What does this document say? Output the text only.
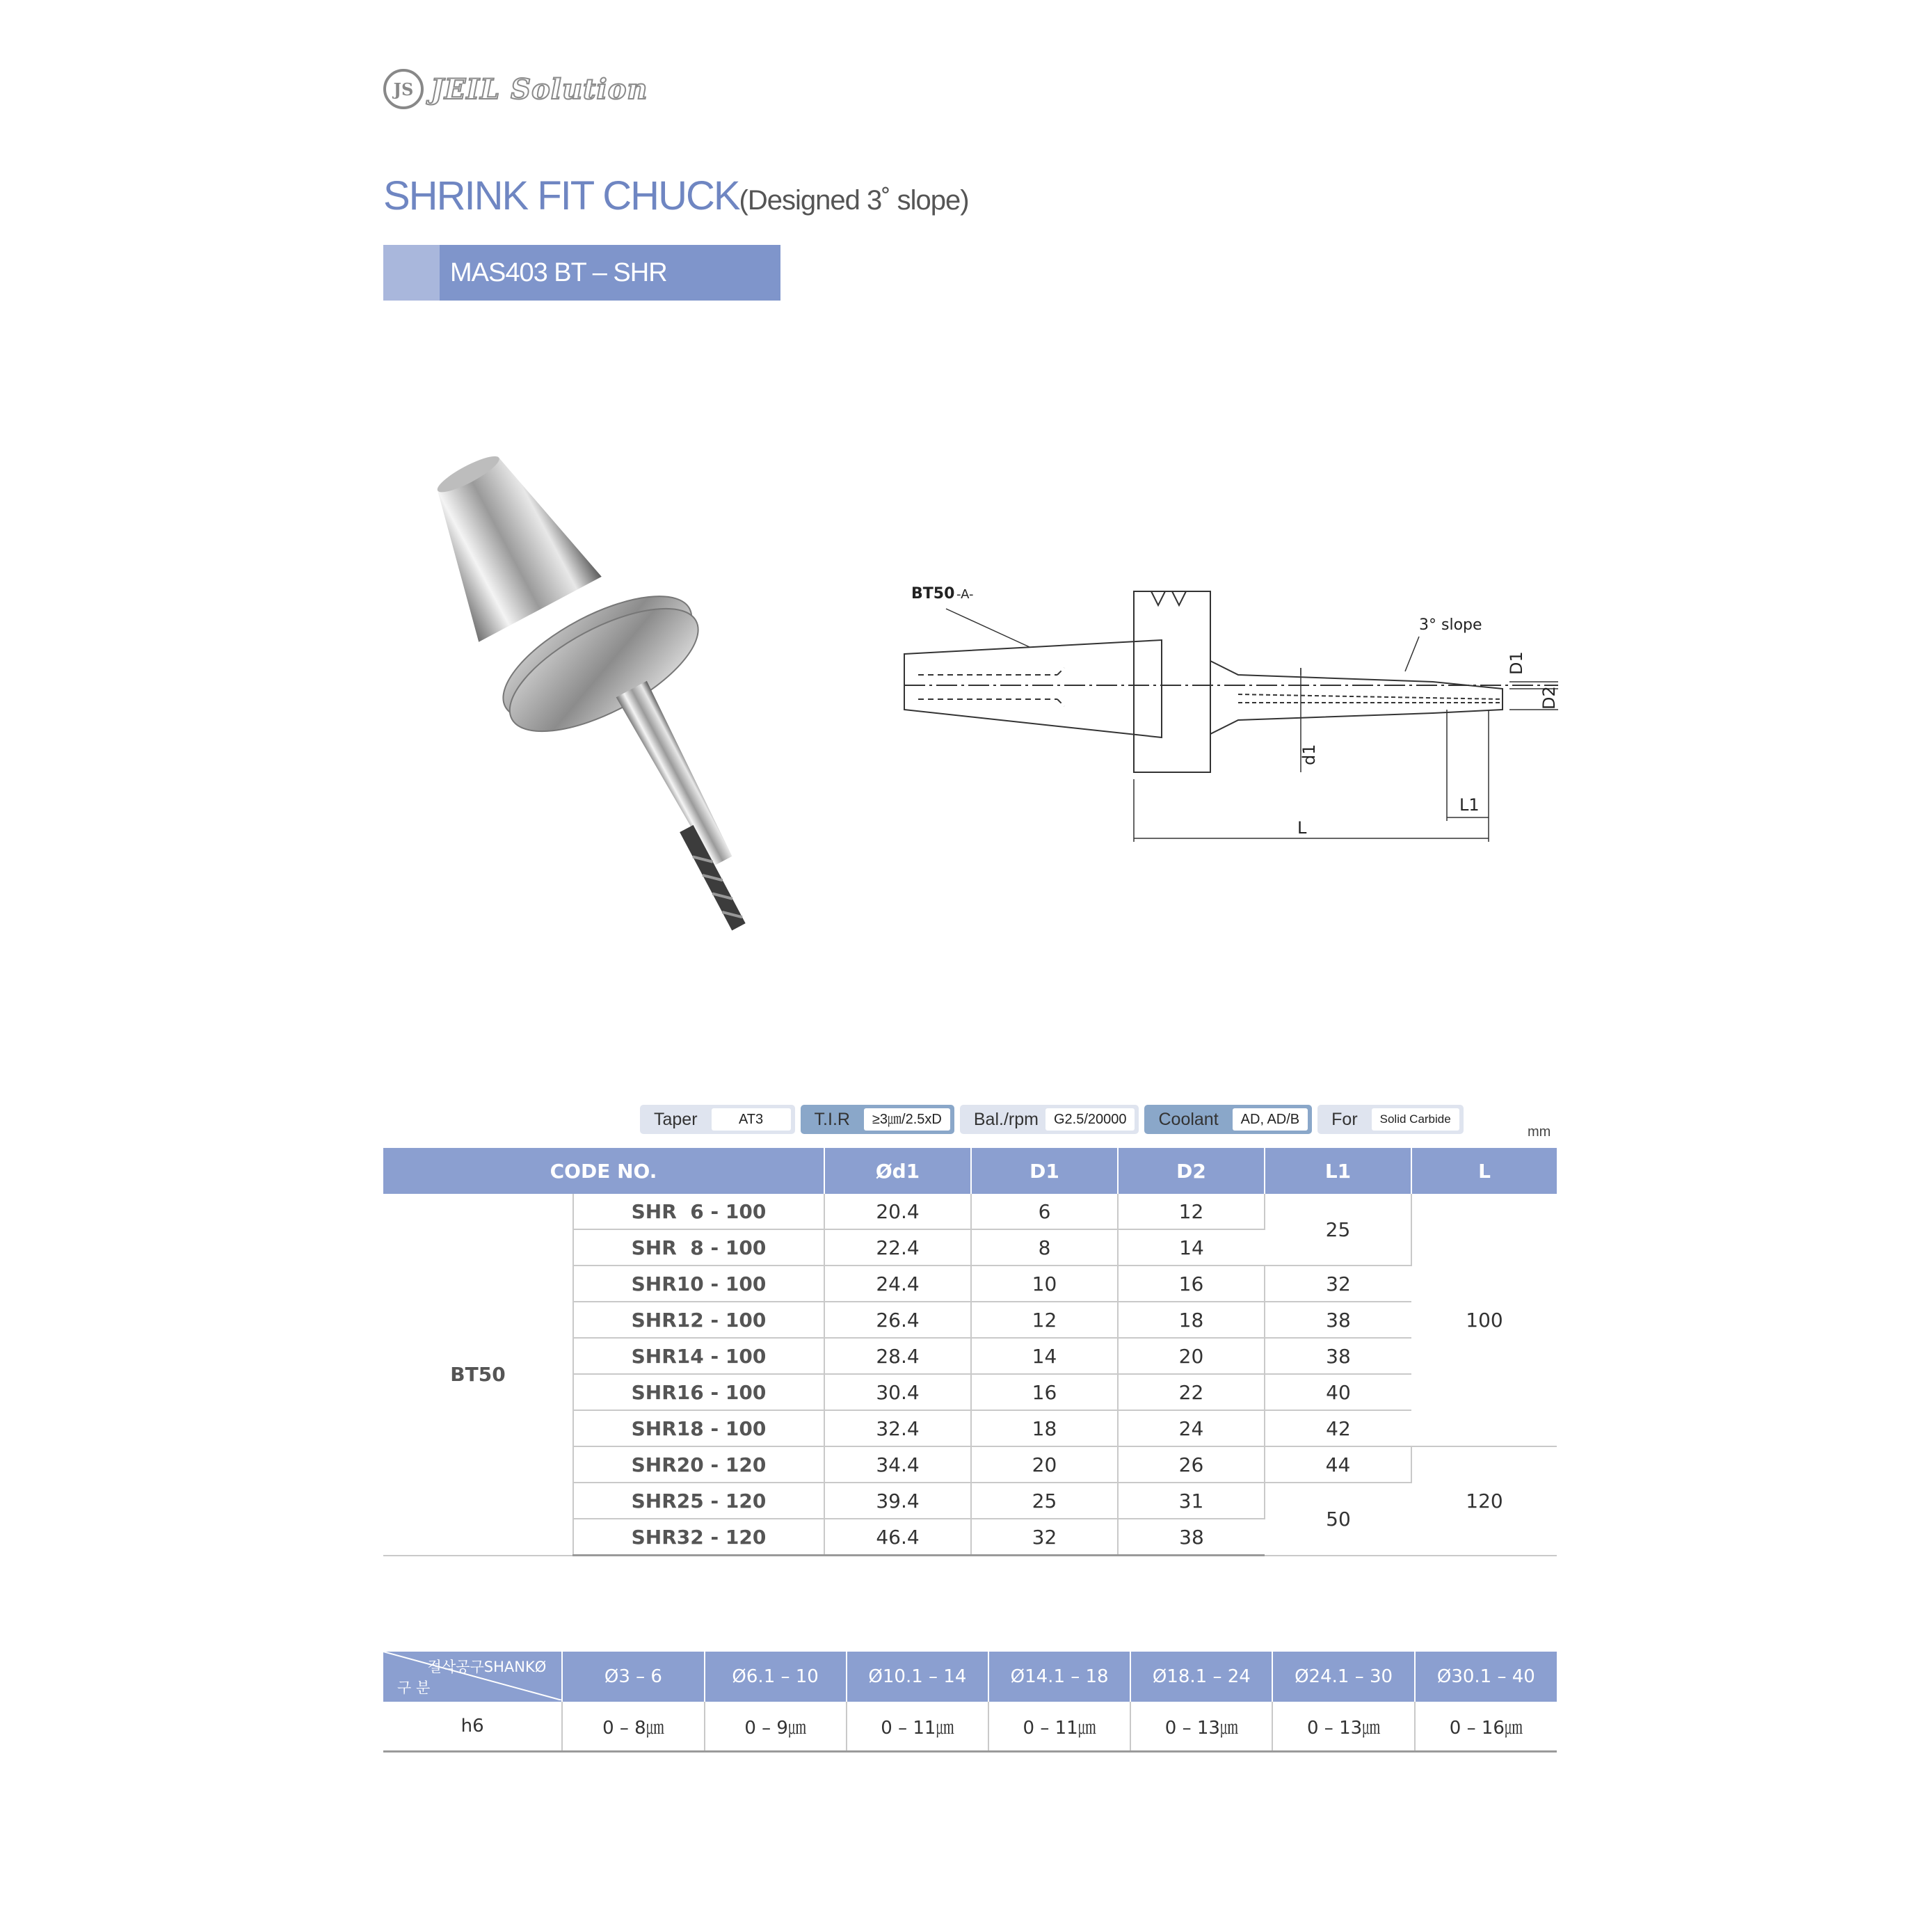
JS JEIL Solution
SHRINK FIT CHUCK(Designed 3˚ slope)
MAS403 BT – SHR
BT50 -A-
3° slope
D1
D2
d1
L1
L
Taper	AT3	T.I.R	≥3㎛/2.5xD	Bal./rpm	G2.5/20000	Coolant	AD, AD/B	For	Solid Carbide
mm
CODE NO.		Ød1	D1	D2	L1	L
BT50	SHR  6 - 100	20.4	6	12	25	100
	SHR  8 - 100	22.4	8	14		
	SHR10 - 100	24.4	10	16	32	
	SHR12 - 100	26.4	12	18	38	
	SHR14 - 100	28.4	14	20	38	
	SHR16 - 100	30.4	16	22	40	
	SHR18 - 100	32.4	18	24	42	
	SHR20 - 120	34.4	20	26	44	120
	SHR25 - 120	39.4	25	31	50	
	SHR32 - 120	46.4	32	38		
절삭공구SHANKØ
구 분	Ø3 – 6	Ø6.1 – 10	Ø10.1 – 14	Ø14.1 – 18	Ø18.1 – 24	Ø24.1 – 30	Ø30.1 – 40
h6	0 – 8㎛	0 – 9㎛	0 – 11㎛	0 – 11㎛	0 – 13㎛	0 – 13㎛	0 – 16㎛
